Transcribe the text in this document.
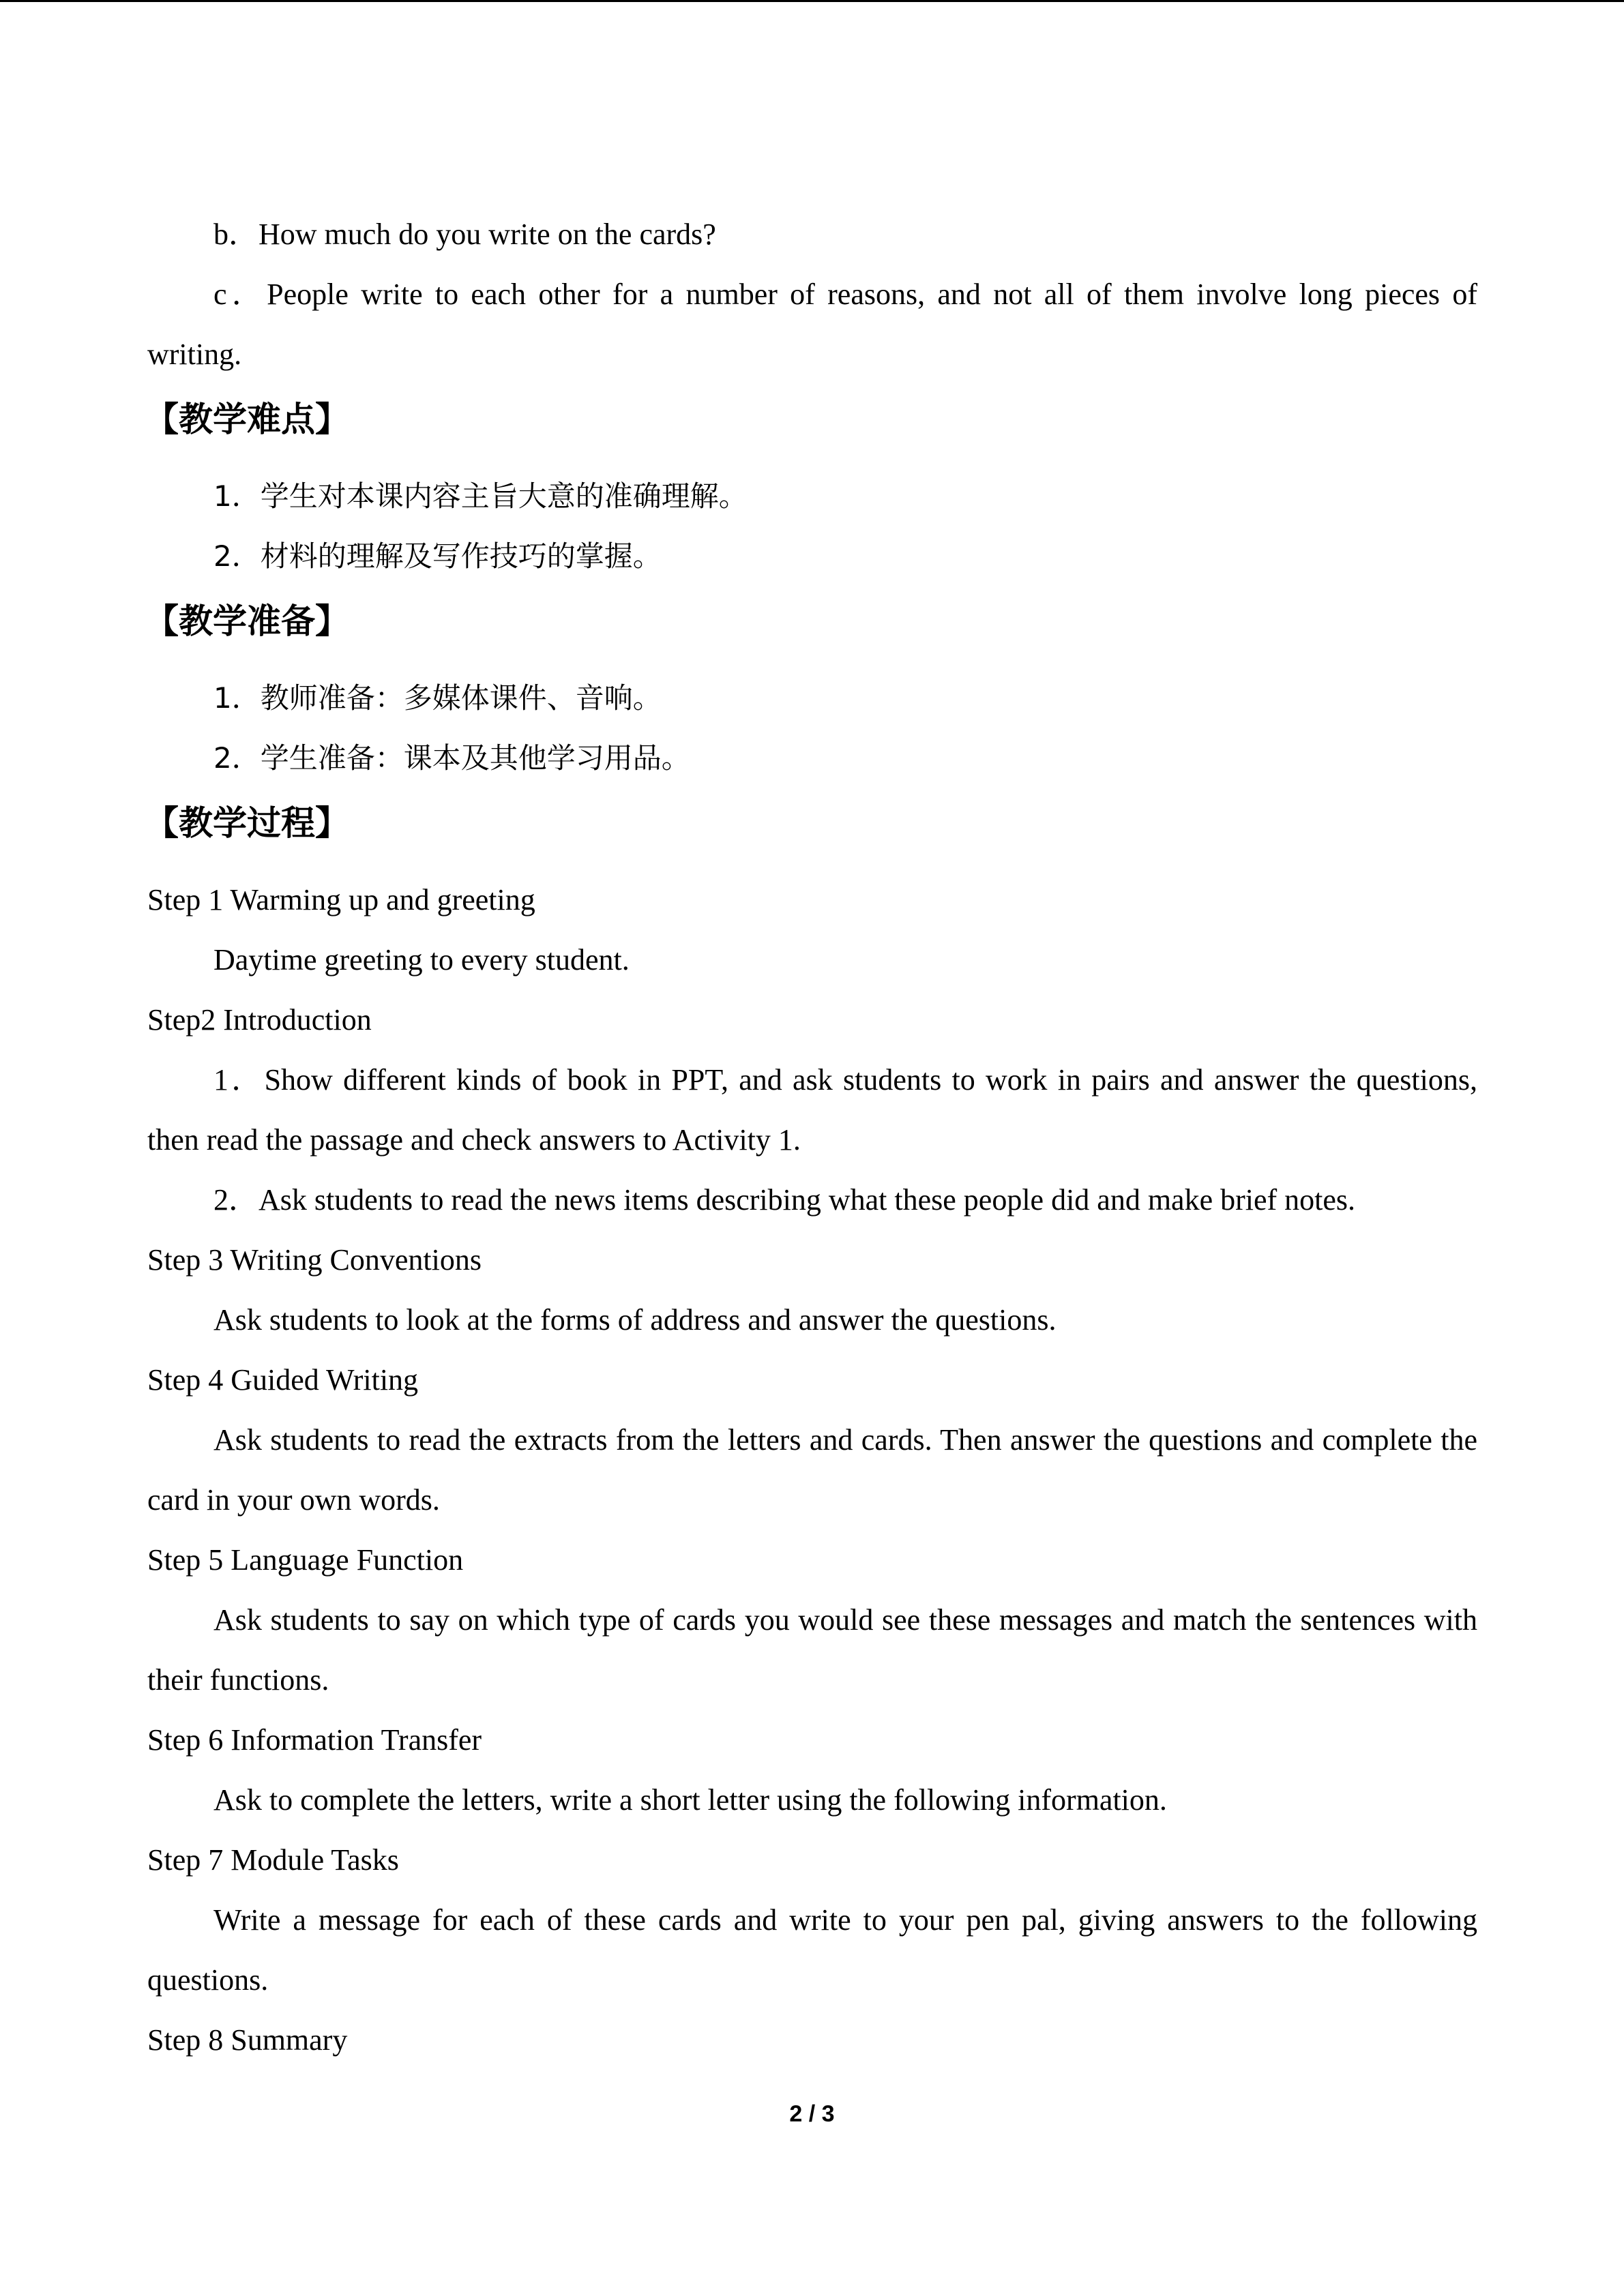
b．How much do you write on the cards?
c．People write to each other for a number of reasons, and not all of them involve long pieces of writing.
【教学难点】
1．学生对本课内容主旨大意的准确理解。
2．材料的理解及写作技巧的掌握。
【教学准备】
1．教师准备：多媒体课件、音响。
2．学生准备：课本及其他学习用品。
【教学过程】
Step 1 Warming up and greeting
Daytime greeting to every student.
Step2 Introduction
1．Show different kinds of book in PPT, and ask students to work in pairs and answer the questions, then read the passage and check answers to Activity 1.
2．Ask students to read the news items describing what these people did and make brief notes.
Step 3 Writing Conventions
Ask students to look at the forms of address and answer the questions.
Step 4 Guided Writing
Ask students to read the extracts from the letters and cards. Then answer the questions and complete the card in your own words.
Step 5 Language Function
Ask students to say on which type of cards you would see these messages and match the sentences with their functions.
Step 6 Information Transfer
Ask to complete the letters, write a short letter using the following information.
Step 7 Module Tasks
Write a message for each of these cards and write to your pen pal, giving answers to the following questions.
Step 8 Summary
2 / 3
